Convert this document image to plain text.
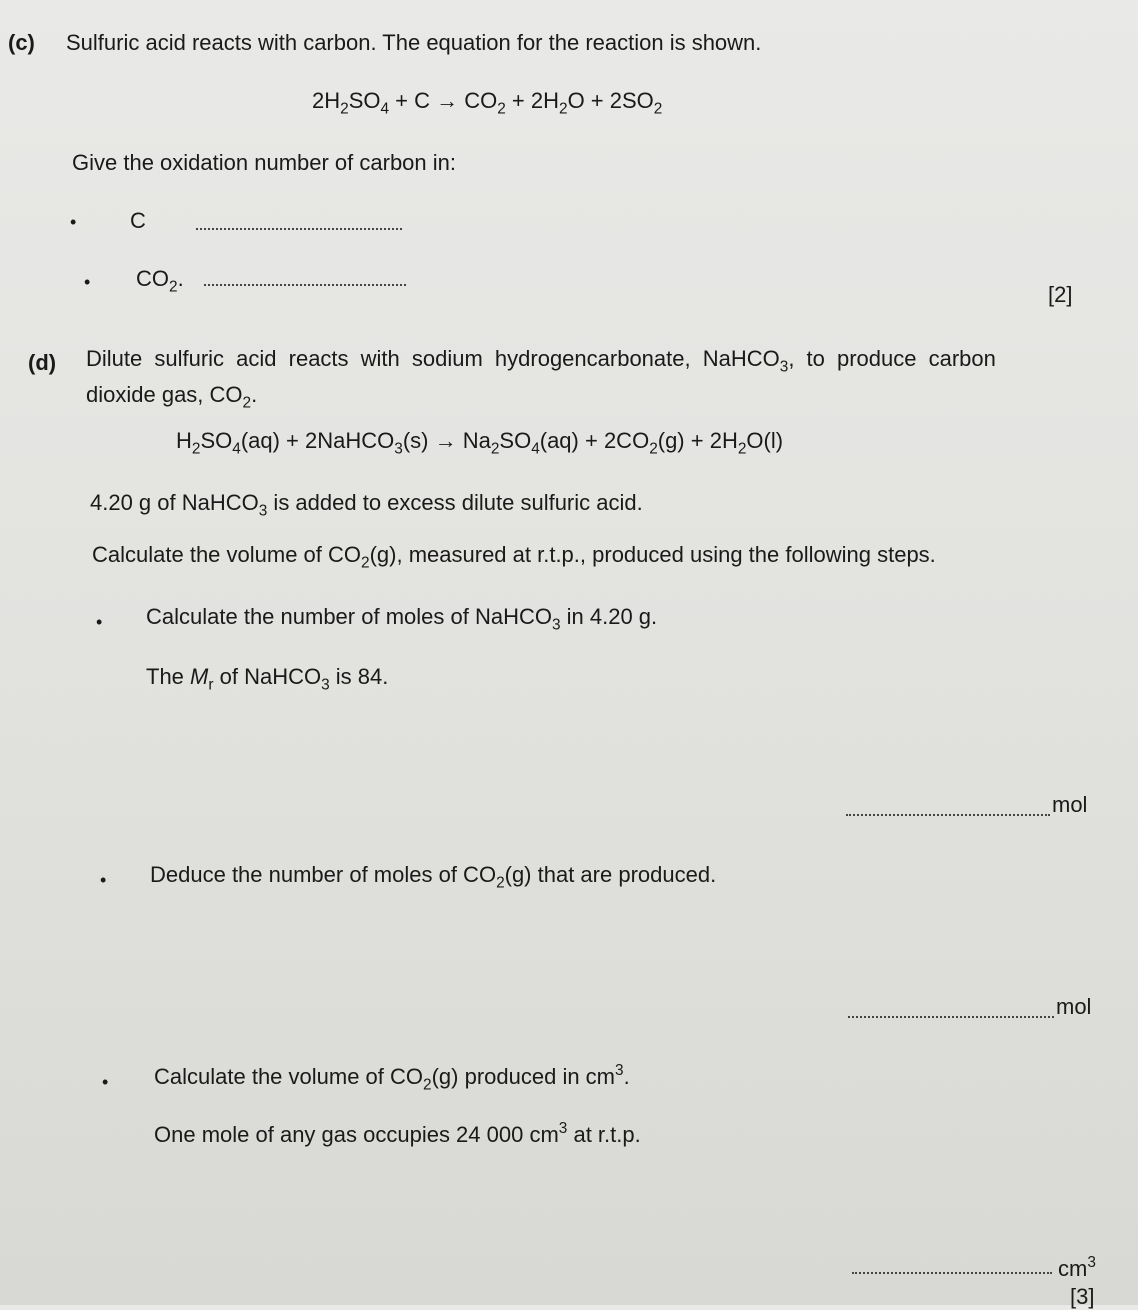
(c) Sulfuric acid reacts with carbon. The equation for the reaction is shown.
$2H_2SO_4 + C \to CO_2 + 2H_2O + 2SO_2$
Give the oxidation number of carbon in:
• C
• $CO_2$.
[2]
(d) Dilute sulfuric acid reacts with sodium hydrogencarbonate, NaHCO$_3$, to produce carbon
dioxide gas, $CO_2$.
$H_2SO_4(aq)$ + 2NaHCO$_3$(s) → $Na_2SO_4(aq) + 2CO_2(g) + 2H_2O(l)$
4.20 g of NaHCO$_3$ is added to excess dilute sulfuric acid.
Calculate the volume of $CO_2(g)$, measured at r.t.p., produced using the following steps.
• Calculate the number of moles of NaHCO$_3$ in 4.20 g.
The $M_r$ of NaHCO$_3$ is 84.
mol
• Deduce the number of moles of $CO_2(g)$ that are produced.
mol
• Calculate the volume of $CO_2(g)$ produced in $cm^3$.
One mole of any gas occupies 24 000 $cm^3$ at r.t.p.
$cm^3$
[3]
